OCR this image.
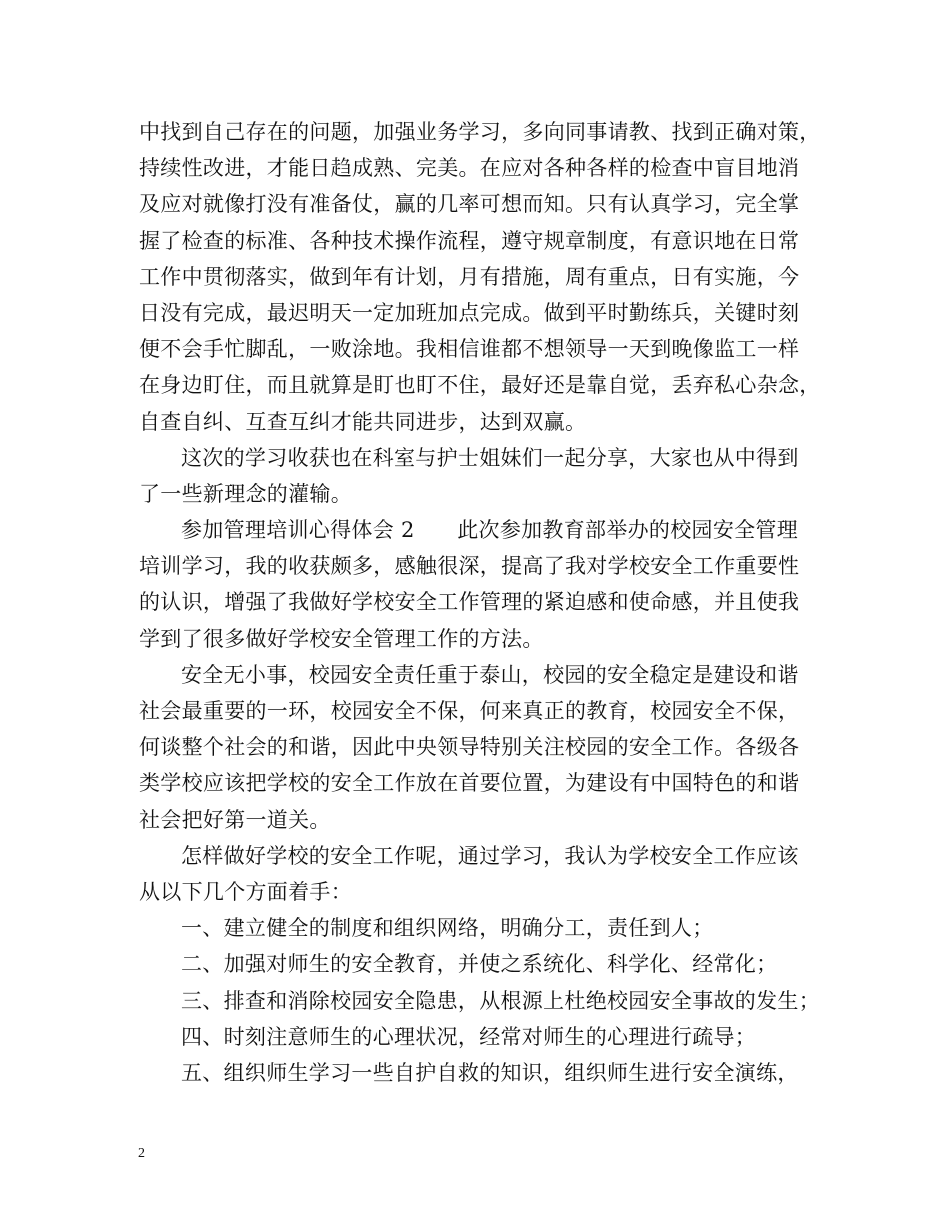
中找到自己存在的问题，加强业务学习，多向同事请教、找到正确对策，
持续性改进，才能日趋成熟、完美。在应对各种各样的检查中盲目地消
及应对就像打没有准备仗，赢的几率可想而知。只有认真学习，完全掌
握了检查的标准、各种技术操作流程，遵守规章制度，有意识地在日常
工作中贯彻落实，做到年有计划，月有措施，周有重点，日有实施，今
日没有完成，最迟明天一定加班加点完成。做到平时勤练兵，关键时刻
便不会手忙脚乱，一败涂地。我相信谁都不想领导一天到晚像监工一样
在身边盯住，而且就算是盯也盯不住，最好还是靠自觉，丢弃私心杂念，
自查自纠、互查互纠才能共同进步，达到双赢。
这次的学习收获也在科室与护士姐妹们一起分享，大家也从中得到
了一些新理念的灌输。
参加管理培训心得体会 2　　此次参加教育部举办的校园安全管理
培训学习，我的收获颇多，感触很深，提高了我对学校安全工作重要性
的认识，增强了我做好学校安全工作管理的紧迫感和使命感，并且使我
学到了很多做好学校安全管理工作的方法。
安全无小事，校园安全责任重于泰山，校园的安全稳定是建设和谐
社会最重要的一环，校园安全不保，何来真正的教育，校园安全不保，
何谈整个社会的和谐，因此中央领导特别关注校园的安全工作。各级各
类学校应该把学校的安全工作放在首要位置，为建设有中国特色的和谐
社会把好第一道关。
怎样做好学校的安全工作呢，通过学习，我认为学校安全工作应该
从以下几个方面着手：
一、建立健全的制度和组织网络，明确分工，责任到人；
二、加强对师生的安全教育，并使之系统化、科学化、经常化；
三、排查和消除校园安全隐患，从根源上杜绝校园安全事故的发生；
四、时刻注意师生的心理状况，经常对师生的心理进行疏导；
五、组织师生学习一些自护自救的知识，组织师生进行安全演练，
2
